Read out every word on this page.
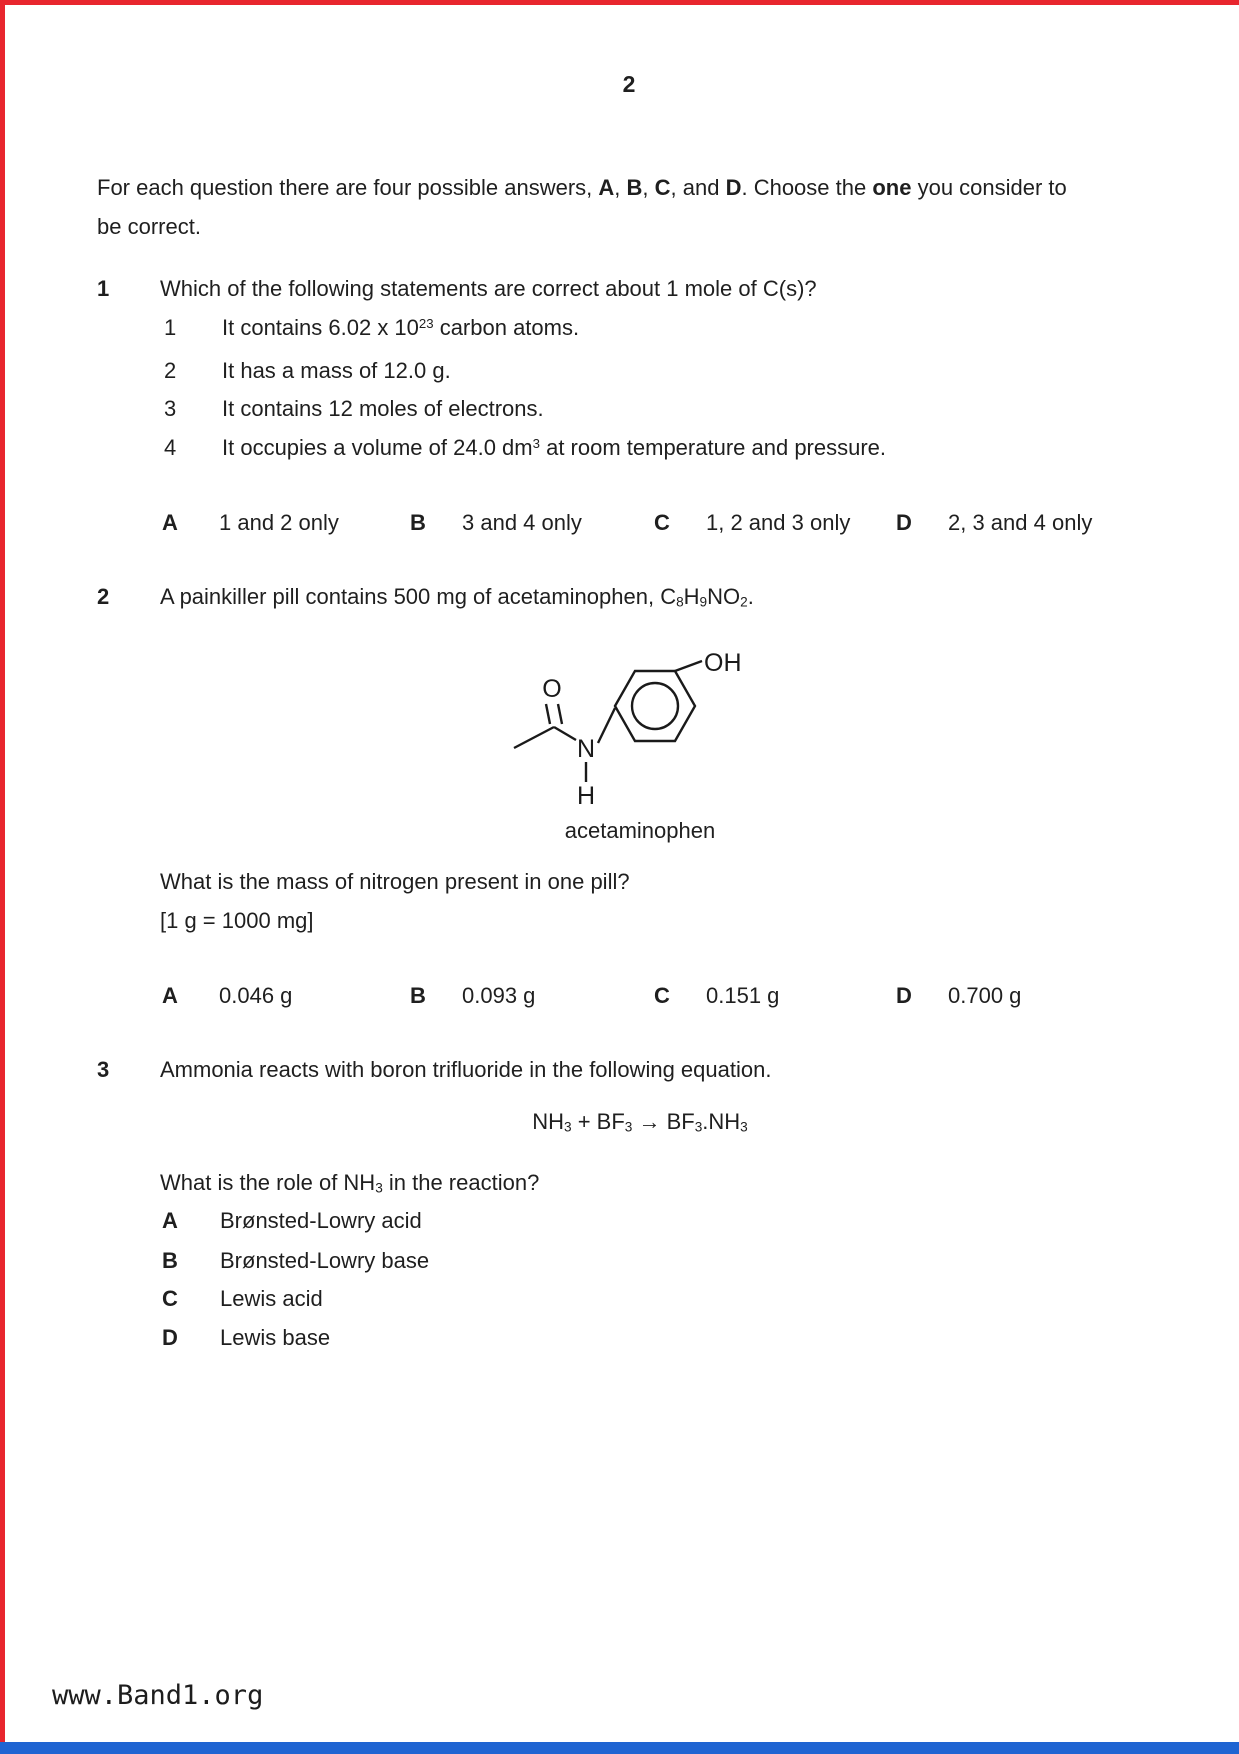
2
For each question there are four possible answers, A, B, C, and D. Choose the one you consider to
be correct.
1 Which of the following statements are correct about 1 mole of C(s)?
1 It contains 6.02 x $10^{23}$ carbon atoms.
2 It has a mass of 12.0 g.
3 It contains 12 moles of electrons.
4 It occupies a volume of 24.0 $dm^3$ at room temperature and pressure.
A 1 and 2 only	B 3 and 4 only	C 1, 2 and 3 only D 2, 3 and 4 only
2 A painkiller pill contains 500 mg of acetaminophen, $C_8H_9NO_2$.
O
N
H
OH
acetaminophen
What is the mass of nitrogen present in one pill?
[1 g = 1000 mg]
A 0.046 g	B 0.093 g	C 0.151 g	D 0.700 g
3 Ammonia reacts with boron trifluoride in the following equation.
$NH_3 + BF_3 \to BF_3.NH_3$
What is the role of $NH_3$ in the reaction?
A Brønsted-Lowry acid
B Brønsted-Lowry base
C Lewis acid
D Lewis base
www.Band1.org
